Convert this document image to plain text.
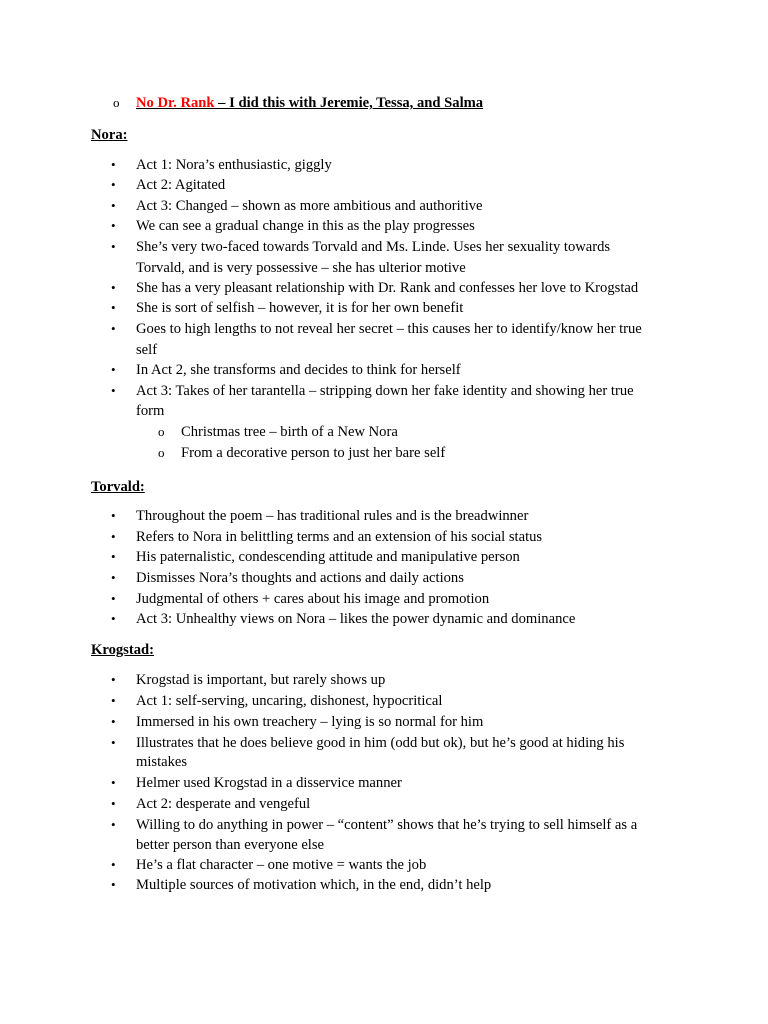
o No Dr. Rank – I did this with Jeremie, Tessa, and Salma
Nora:
• Act 1: Nora’s enthusiastic, giggly
• Act 2: Agitated
• Act 3: Changed – shown as more ambitious and authoritive
• We can see a gradual change in this as the play progresses
• She’s very two-faced towards Torvald and Ms. Linde. Uses her sexuality towards
Torvald, and is very possessive – she has ulterior motive
• She has a very pleasant relationship with Dr. Rank and confesses her love to Krogstad
• She is sort of selfish – however, it is for her own benefit
• Goes to high lengths to not reveal her secret – this causes her to identify/know her true
self
• In Act 2, she transforms and decides to think for herself
• Act 3: Takes of her tarantella – stripping down her fake identity and showing her true
form
o Christmas tree – birth of a New Nora
o From a decorative person to just her bare self
Torvald:
• Throughout the poem – has traditional rules and is the breadwinner
• Refers to Nora in belittling terms and an extension of his social status
• His paternalistic, condescending attitude and manipulative person
• Dismisses Nora’s thoughts and actions and daily actions
• Judgmental of others + cares about his image and promotion
• Act 3: Unhealthy views on Nora – likes the power dynamic and dominance
Krogstad:
• Krogstad is important, but rarely shows up
• Act 1: self-serving, uncaring, dishonest, hypocritical
• Immersed in his own treachery – lying is so normal for him
• Illustrates that he does believe good in him (odd but ok), but he’s good at hiding his
mistakes
• Helmer used Krogstad in a disservice manner
• Act 2: desperate and vengeful
• Willing to do anything in power – “content” shows that he’s trying to sell himself as a
better person than everyone else
• He’s a flat character – one motive = wants the job
• Multiple sources of motivation which, in the end, didn’t help
